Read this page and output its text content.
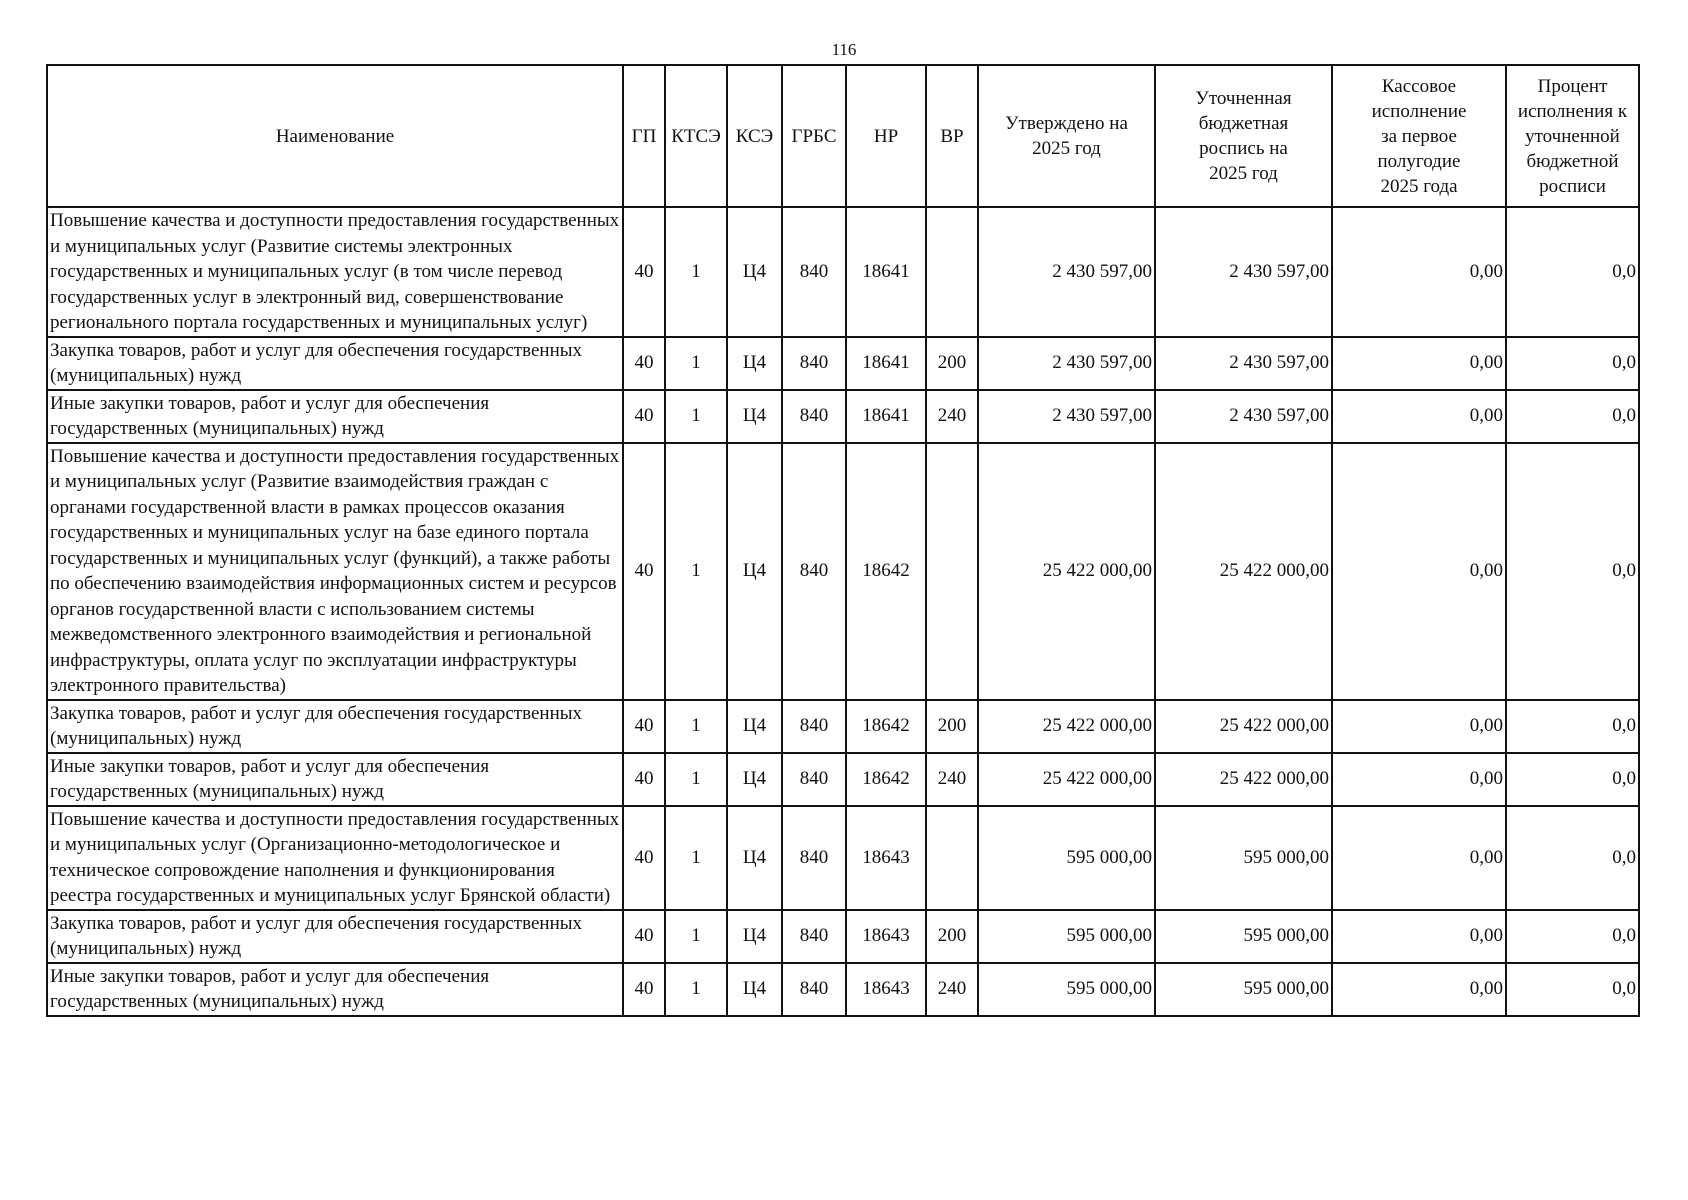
116
Наименование	ГП	КТСЭ	КСЭ	ГРБС	НР	ВР	Утверждено на 2025 год	Уточненная бюджетная роспись на 2025 год	Кассовое исполнение за первое полугодие 2025 года	Процент исполнения к уточненной бюджетной росписи
Повышение качества и доступности предоставления государственных и муниципальных услуг (Развитие системы электронных государственных и муниципальных услуг (в том числе перевод государственных услуг в электронный вид, совершенствование регионального портала государственных и муниципальных услуг)	40	1	Ц4	840	18641		2 430 597,00	2 430 597,00	0,00	0,0
Закупка товаров, работ и услуг для обеспечения государственных (муниципальных) нужд	40	1	Ц4	840	18641	200	2 430 597,00	2 430 597,00	0,00	0,0
Иные закупки товаров, работ и услуг для обеспечения государственных (муниципальных) нужд	40	1	Ц4	840	18641	240	2 430 597,00	2 430 597,00	0,00	0,0
Повышение качества и доступности предоставления государственных и муниципальных услуг (Развитие взаимодействия граждан с органами государственной власти в рамках процессов оказания государственных и муниципальных услуг на базе единого портала государственных и муниципальных услуг (функций), а также работы по обеспечению взаимодействия информационных систем и ресурсов органов государственной власти с использованием системы межведомственного электронного взаимодействия и региональной инфраструктуры, оплата услуг по эксплуатации инфраструктуры электронного правительства)	40	1	Ц4	840	18642		25 422 000,00	25 422 000,00	0,00	0,0
Закупка товаров, работ и услуг для обеспечения государственных (муниципальных) нужд	40	1	Ц4	840	18642	200	25 422 000,00	25 422 000,00	0,00	0,0
Иные закупки товаров, работ и услуг для обеспечения государственных (муниципальных) нужд	40	1	Ц4	840	18642	240	25 422 000,00	25 422 000,00	0,00	0,0
Повышение качества и доступности предоставления государственных и муниципальных услуг (Организационно-методологическое и техническое сопровождение наполнения и функционирования реестра государственных и муниципальных услуг Брянской области)	40	1	Ц4	840	18643		595 000,00	595 000,00	0,00	0,0
Закупка товаров, работ и услуг для обеспечения государственных (муниципальных) нужд	40	1	Ц4	840	18643	200	595 000,00	595 000,00	0,00	0,0
Иные закупки товаров, работ и услуг для обеспечения государственных (муниципальных) нужд	40	1	Ц4	840	18643	240	595 000,00	595 000,00	0,00	0,0
